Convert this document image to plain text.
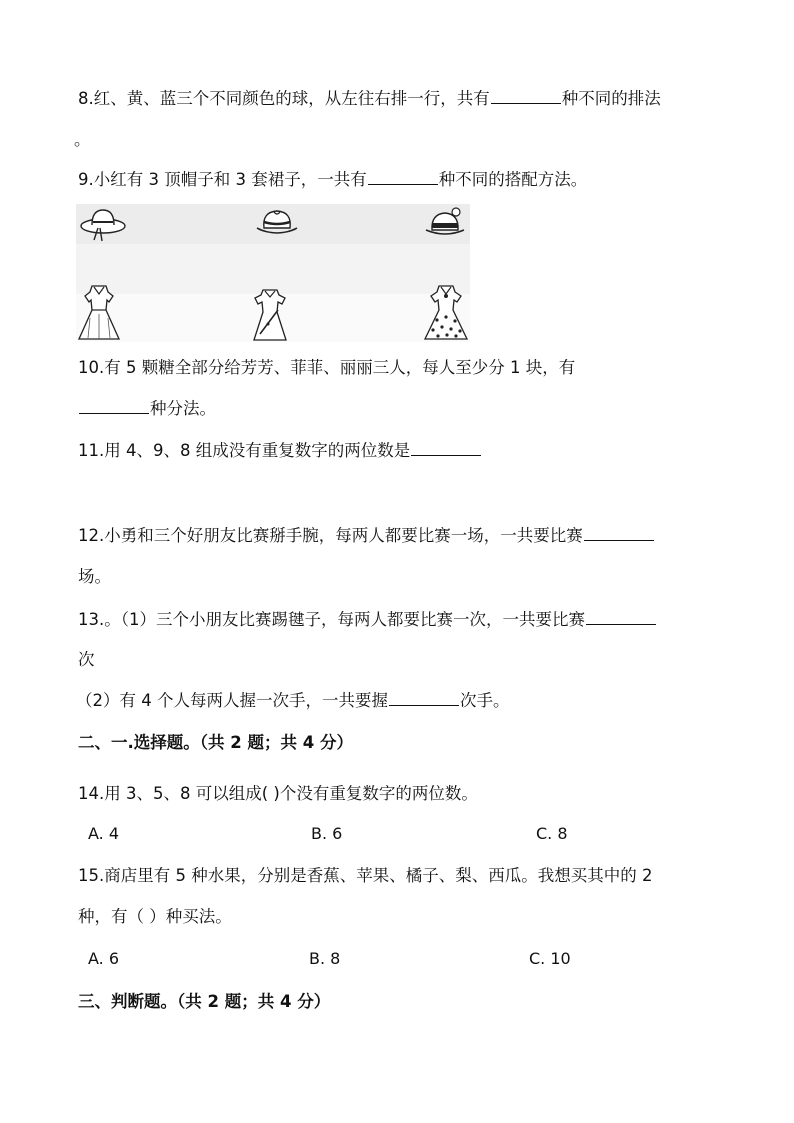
8.红、黄、蓝三个不同颜色的球，从左往右排一行，共有	种不同的排法
。
9.小红有 3 顶帽子和 3 套裙子，一共有	种不同的搭配方法。
10.有 5 颗糖全部分给芳芳、菲菲、丽丽三人，每人至少分 1 块，有
种分法。
11.用 4、9、8 组成没有重复数字的两位数是
12.小勇和三个好朋友比赛掰手腕，每两人都要比赛一场，一共要比赛
场。
13.。（1）三个小朋友比赛踢毽子，每两人都要比赛一次，一共要比赛
次
（2）有 4 个人每两人握一次手，一共要握	次手。
二、一.选择题。（共 2 题；共 4 分）
14.用 3、5、8 可以组成( )个没有重复数字的两位数。
A. 4	B. 6	C. 8
15.商店里有 5 种水果，分别是香蕉、苹果、橘子、梨、西瓜。我想买其中的 2
种，有（ ）种买法。
A. 6	B. 8	C. 10
三、判断题。（共 2 题；共 4 分）
